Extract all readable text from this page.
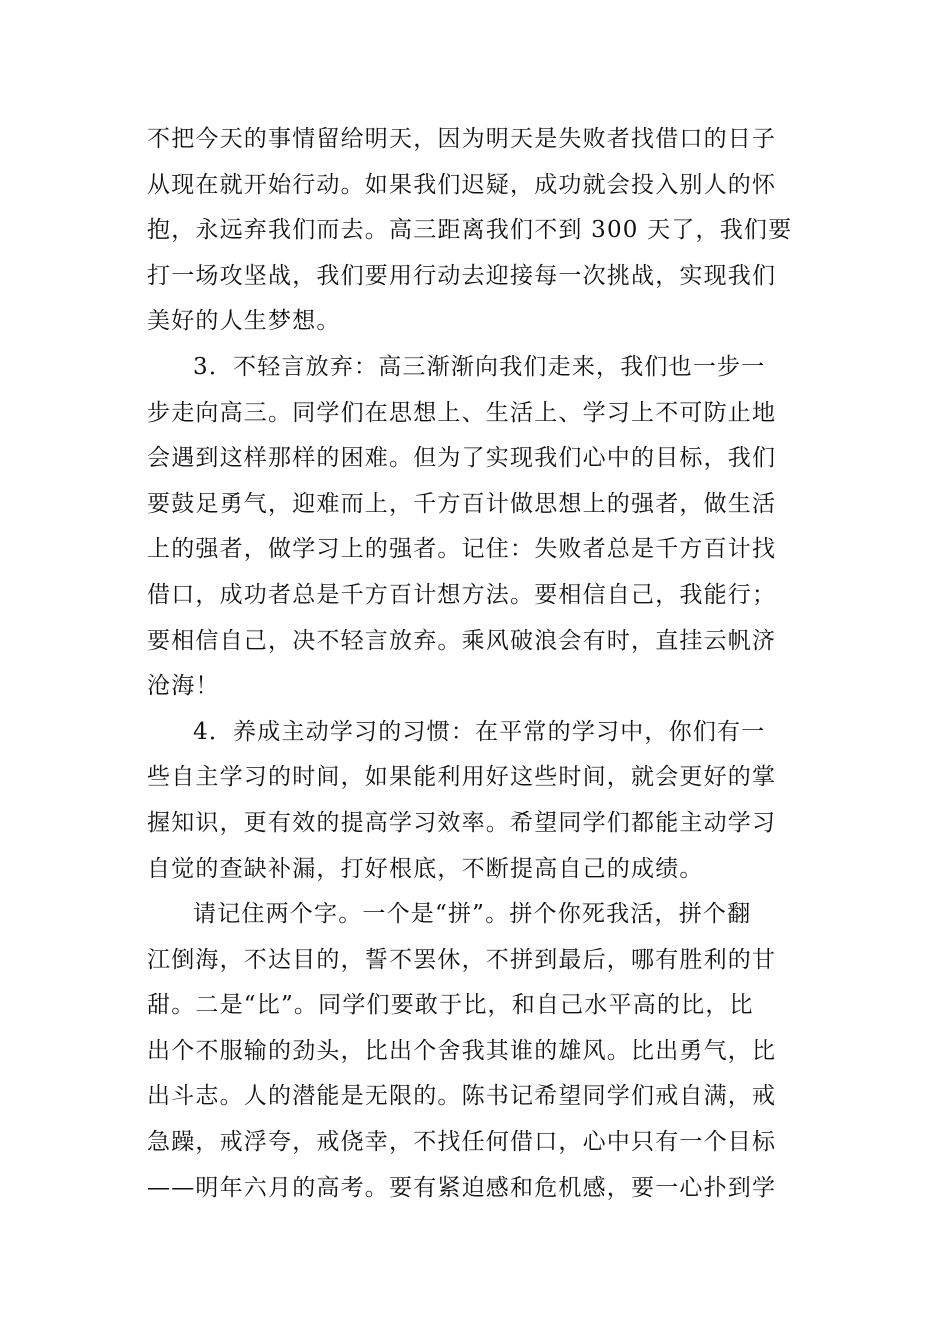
不把今天的事情留给明天，因为明天是失败者找借口的日子
从现在就开始行动。如果我们迟疑，成功就会投入别人的怀
抱，永远弃我们而去。高三距离我们不到 300 天了，我们要
打一场攻坚战，我们要用行动去迎接每一次挑战，实现我们
美好的人生梦想。
3．不轻言放弃：高三渐渐向我们走来，我们也一步一
步走向高三。同学们在思想上、生活上、学习上不可防止地
会遇到这样那样的困难。但为了实现我们心中的目标，我们
要鼓足勇气，迎难而上，千方百计做思想上的强者，做生活
上的强者，做学习上的强者。记住：失败者总是千方百计找
借口，成功者总是千方百计想方法。要相信自己，我能行；
要相信自己，决不轻言放弃。乘风破浪会有时，直挂云帆济
沧海！
4．养成主动学习的习惯：在平常的学习中，你们有一
些自主学习的时间，如果能利用好这些时间，就会更好的掌
握知识，更有效的提高学习效率。希望同学们都能主动学习
自觉的查缺补漏，打好根底，不断提高自己的成绩。
请记住两个字。一个是“拼”。拼个你死我活，拼个翻
江倒海，不达目的，誓不罢休，不拼到最后，哪有胜利的甘
甜。二是“比”。同学们要敢于比，和自己水平高的比，比
出个不服输的劲头，比出个舍我其谁的雄风。比出勇气，比
出斗志。人的潜能是无限的。陈书记希望同学们戒自满，戒
急躁，戒浮夸，戒侥幸，不找任何借口，心中只有一个目标
——明年六月的高考。要有紧迫感和危机感，要一心扑到学
